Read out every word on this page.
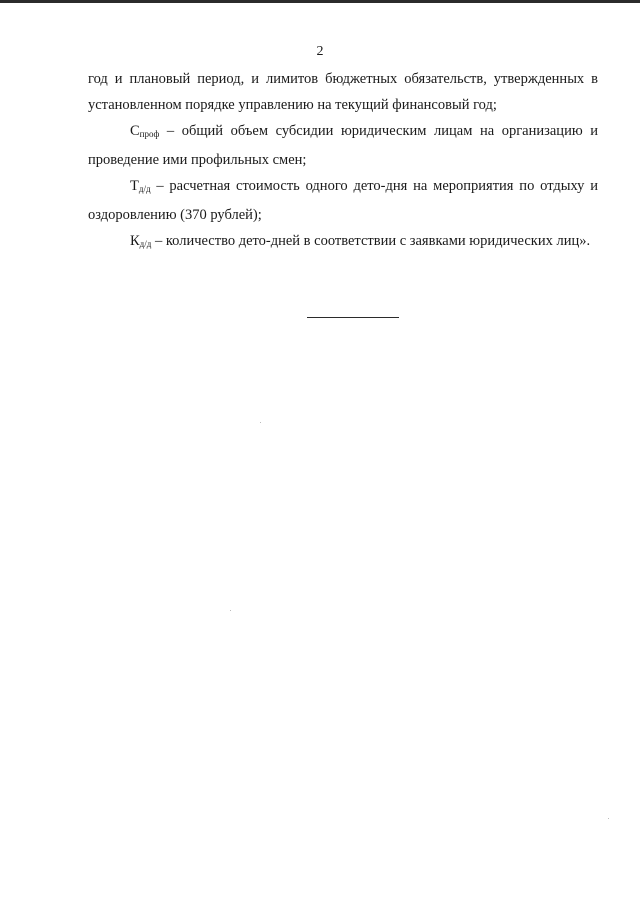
2

год и плановый период, и лимитов бюджетных обязательств, утвержденных в установленном порядке управлению на текущий финансовый год;

$С_{проф}$ – общий объем субсидии юридическим лицам на организацию и проведение ими профильных смен;

$Т_{д/д}$ – расчетная стоимость одного дето-дня на мероприятия по отдыху и оздоровлению (370 рублей);

$К_{д/д}$ – количество дето-дней в соответствии с заявками юридических лиц».
